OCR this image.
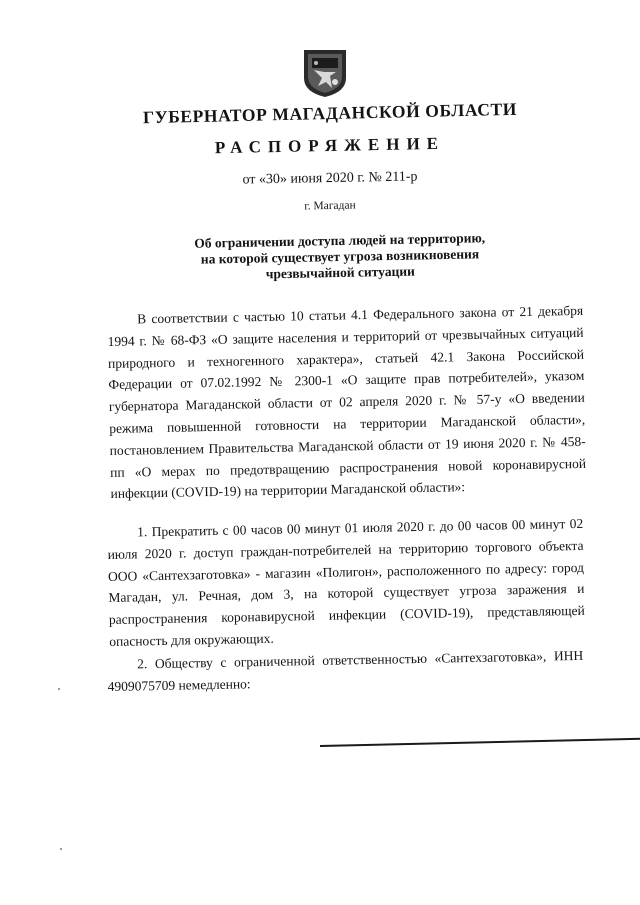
ГУБЕРНАТОР МАГАДАНСКОЙ ОБЛАСТИ
РАСПОРЯЖЕНИЕ
от «30» июня 2020 г. № 211-р
г. Магадан
Об ограничении доступа людей на территорию,
на которой существует угроза возникновения
чрезвычайной ситуации
В соответствии с частью 10 статьи 4.1 Федерального закона от 21 декабря 1994 г. № 68-ФЗ «О защите населения и территорий от чрезвычайных ситуаций природного и техногенного характера», статьей 42.1 Закона Российской Федерации от 07.02.1992 № 2300-1 «О защите прав потребителей», указом губернатора Магаданской области от 02 апреля 2020 г. № 57-у «О введении режима повышенной готовности на территории Магаданской области», постановлением Правительства Магаданской области от 19 июня 2020 г. № 458-пп «О мерах по предотвращению распространения новой коронавирусной инфекции (COVID-19) на территории Магаданской области»:
1. Прекратить с 00 часов 00 минут 01 июля 2020 г. до 00 часов 00 минут 02 июля 2020 г. доступ граждан-потребителей на территорию торгового объекта ООО «Сантехзаготовка» - магазин «Полигон», расположенного по адресу: город Магадан, ул. Речная, дом 3, на которой существует угроза заражения и распространения коронавирусной инфекции (COVID-19), представляющей опасность для окружающих.
2. Обществу с ограниченной ответственностью «Сантехзаготовка», ИНН 4909075709 немедленно:
